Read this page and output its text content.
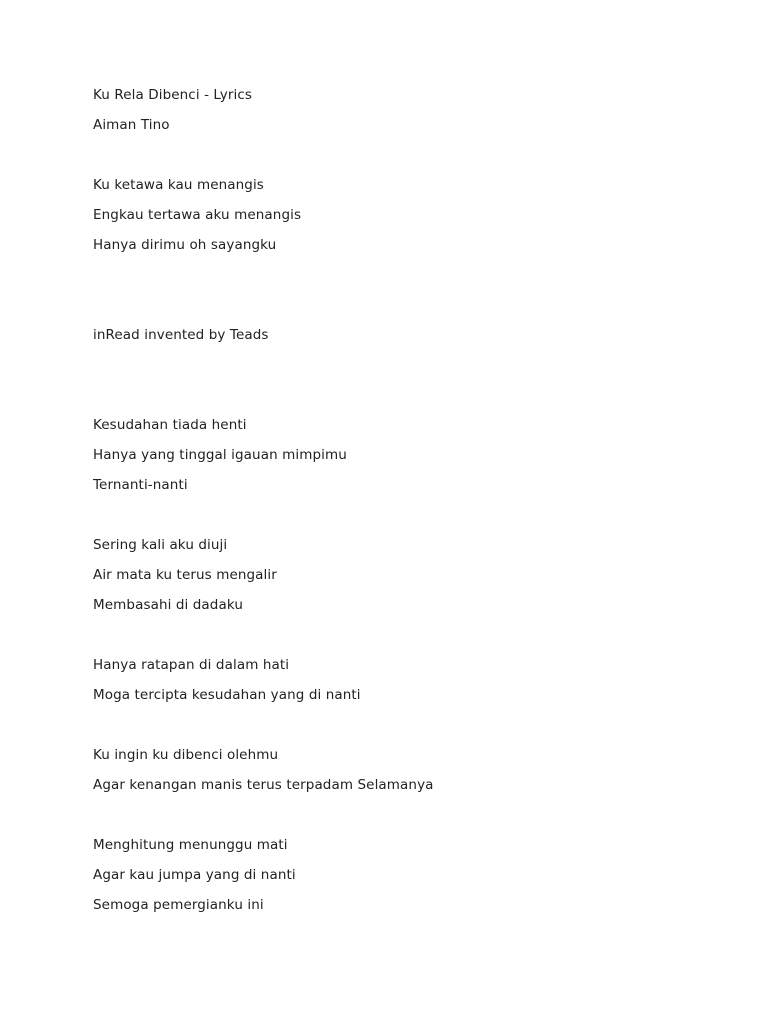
Ku Rela Dibenci - Lyrics
Aiman Tino
Ku ketawa kau menangis
Engkau tertawa aku menangis
Hanya dirimu oh sayangku
inRead invented by Teads
Kesudahan tiada henti
Hanya yang tinggal igauan mimpimu
Ternanti-nanti
Sering kali aku diuji
Air mata ku terus mengalir
Membasahi di dadaku
Hanya ratapan di dalam hati
Moga tercipta kesudahan yang di nanti
Ku ingin ku dibenci olehmu
Agar kenangan manis terus terpadam Selamanya
Menghitung menunggu mati
Agar kau jumpa yang di nanti
Semoga pemergianku ini
